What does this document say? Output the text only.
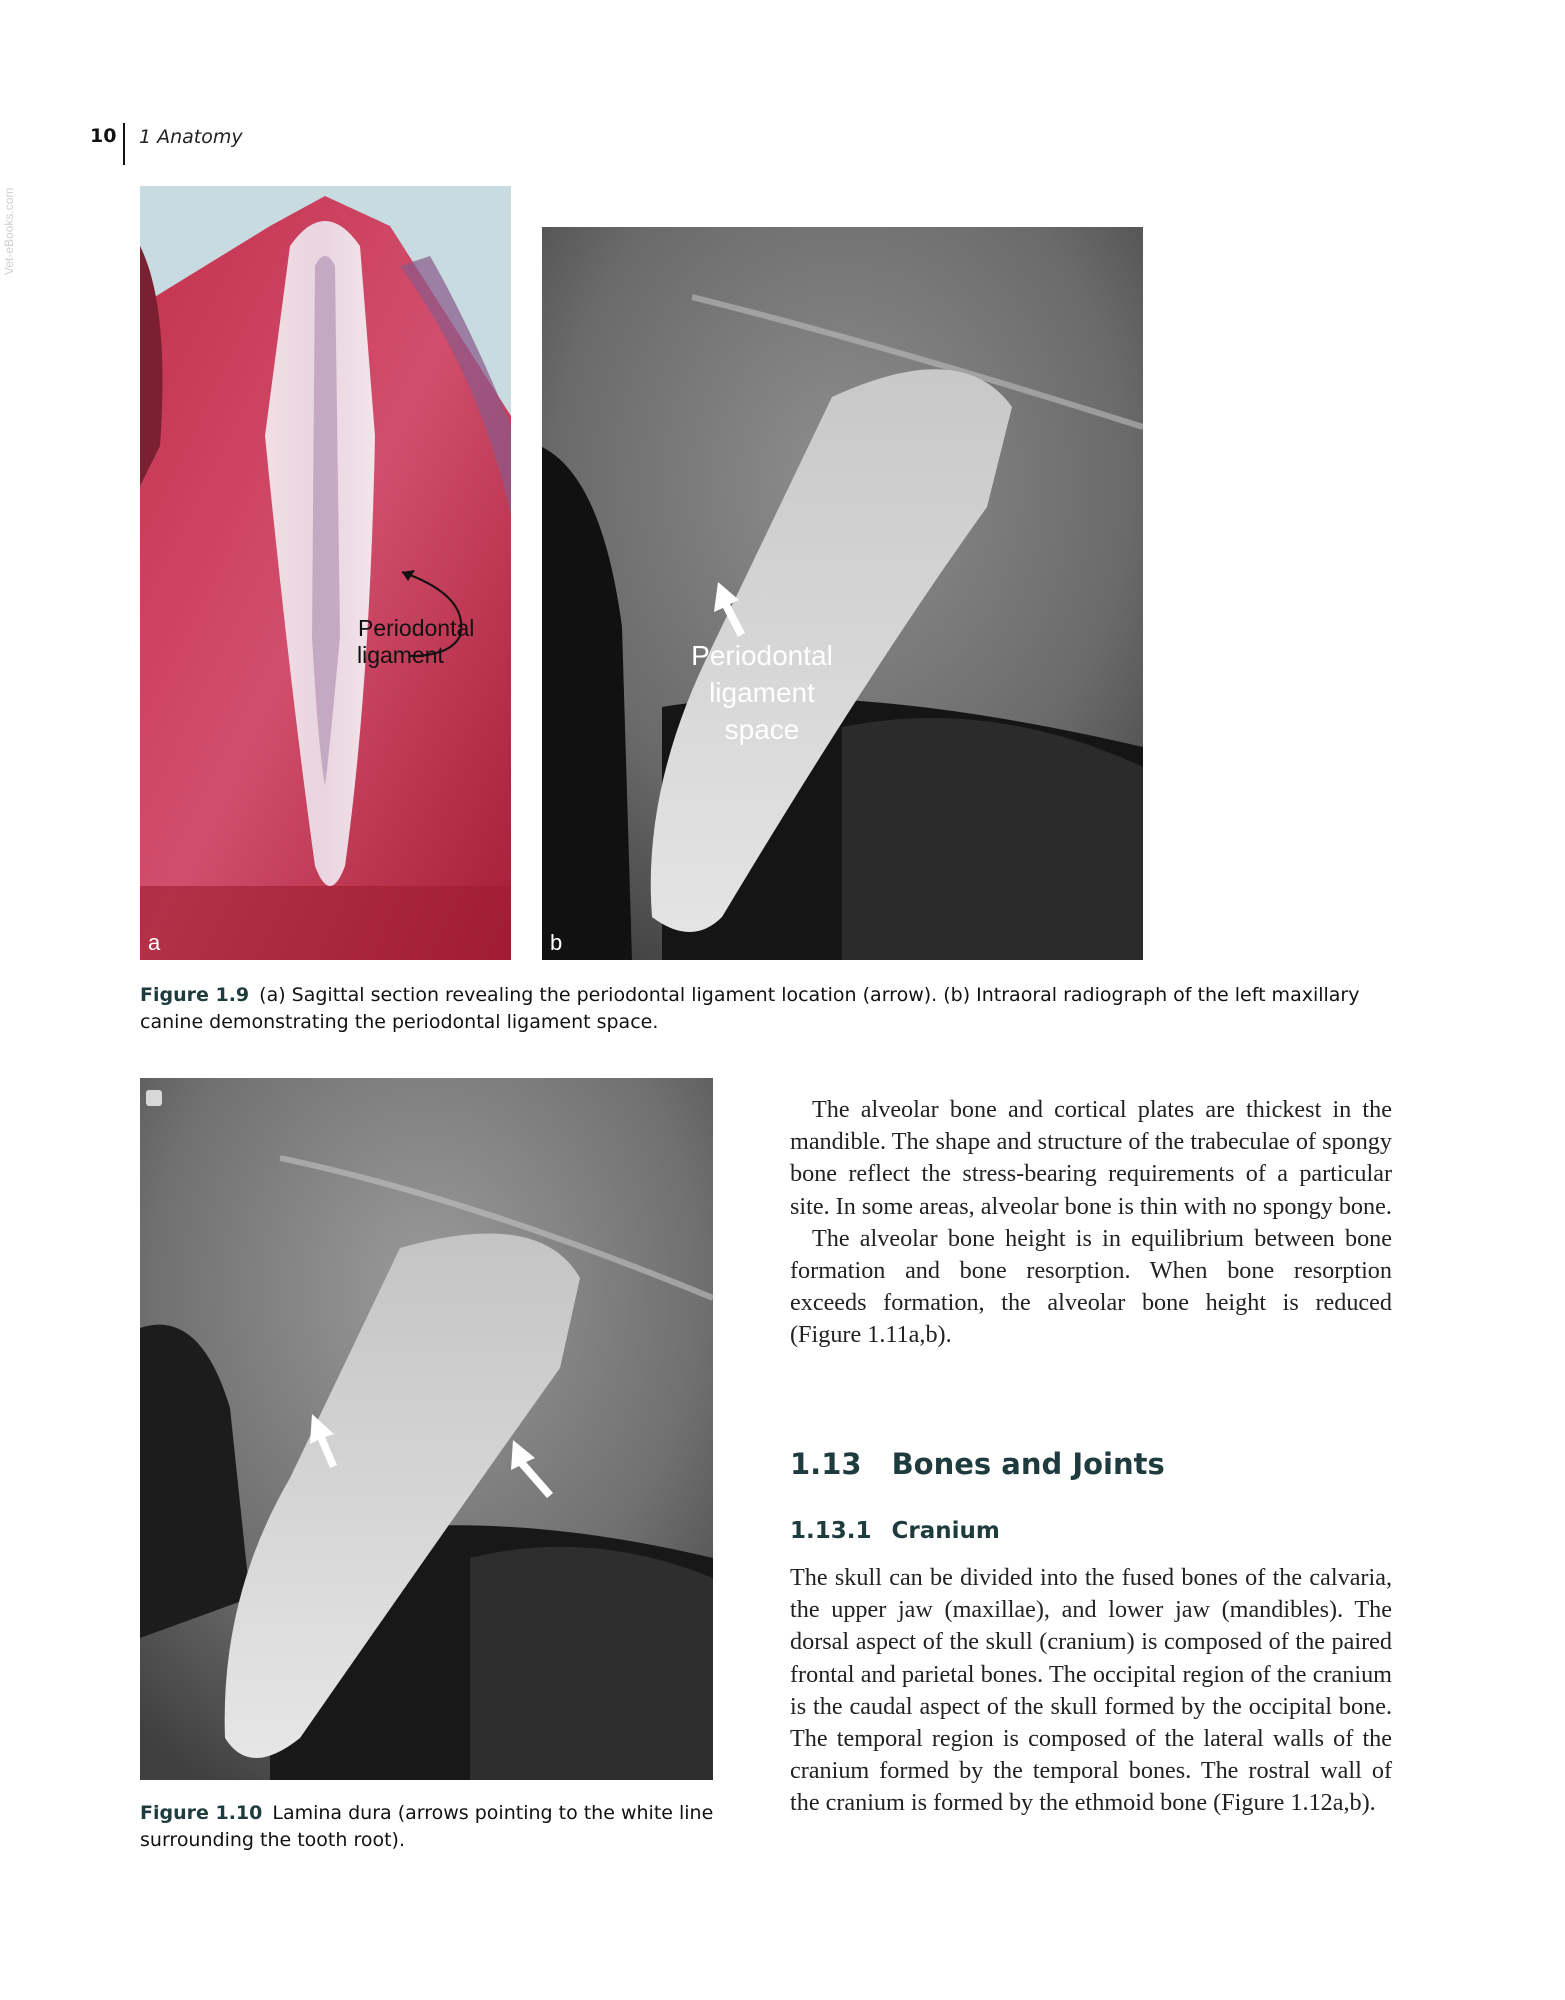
Vet-eBooks.com
10 1 Anatomy
Periodontal
ligament
a
Periodontal
ligament
space
b
Figure 1.9 (a) Sagittal section revealing the periodontal ligament location (arrow). (b) Intraoral radiograph of the left maxillary canine demonstrating the periodontal ligament space.
Figure 1.10 Lamina dura (arrows pointing to the white line surrounding the tooth root).

The alveolar bone and cortical plates are thickest in the mandible. The shape and structure of the trabeculae of spongy bone reflect the stress-bearing requirements of a particular site. In some areas, alveolar bone is thin with no spongy bone.

The alveolar bone height is in equilibrium between bone formation and bone resorption. When bone resorption exceeds formation, the alveolar bone height is reduced (Figure 1.11a,b).

1.13 Bones and Joints
1.13.1 Cranium

The skull can be divided into the fused bones of the calvaria, the upper jaw (maxillae), and lower jaw (mandibles). The dorsal aspect of the skull (cranium) is composed of the paired frontal and parietal bones. The occipital region of the cranium is the caudal aspect of the skull formed by the occipital bone. The temporal region is composed of the lateral walls of the cranium formed by the temporal bones. The rostral wall of the cranium is formed by the ethmoid bone (Figure 1.12a,b).
